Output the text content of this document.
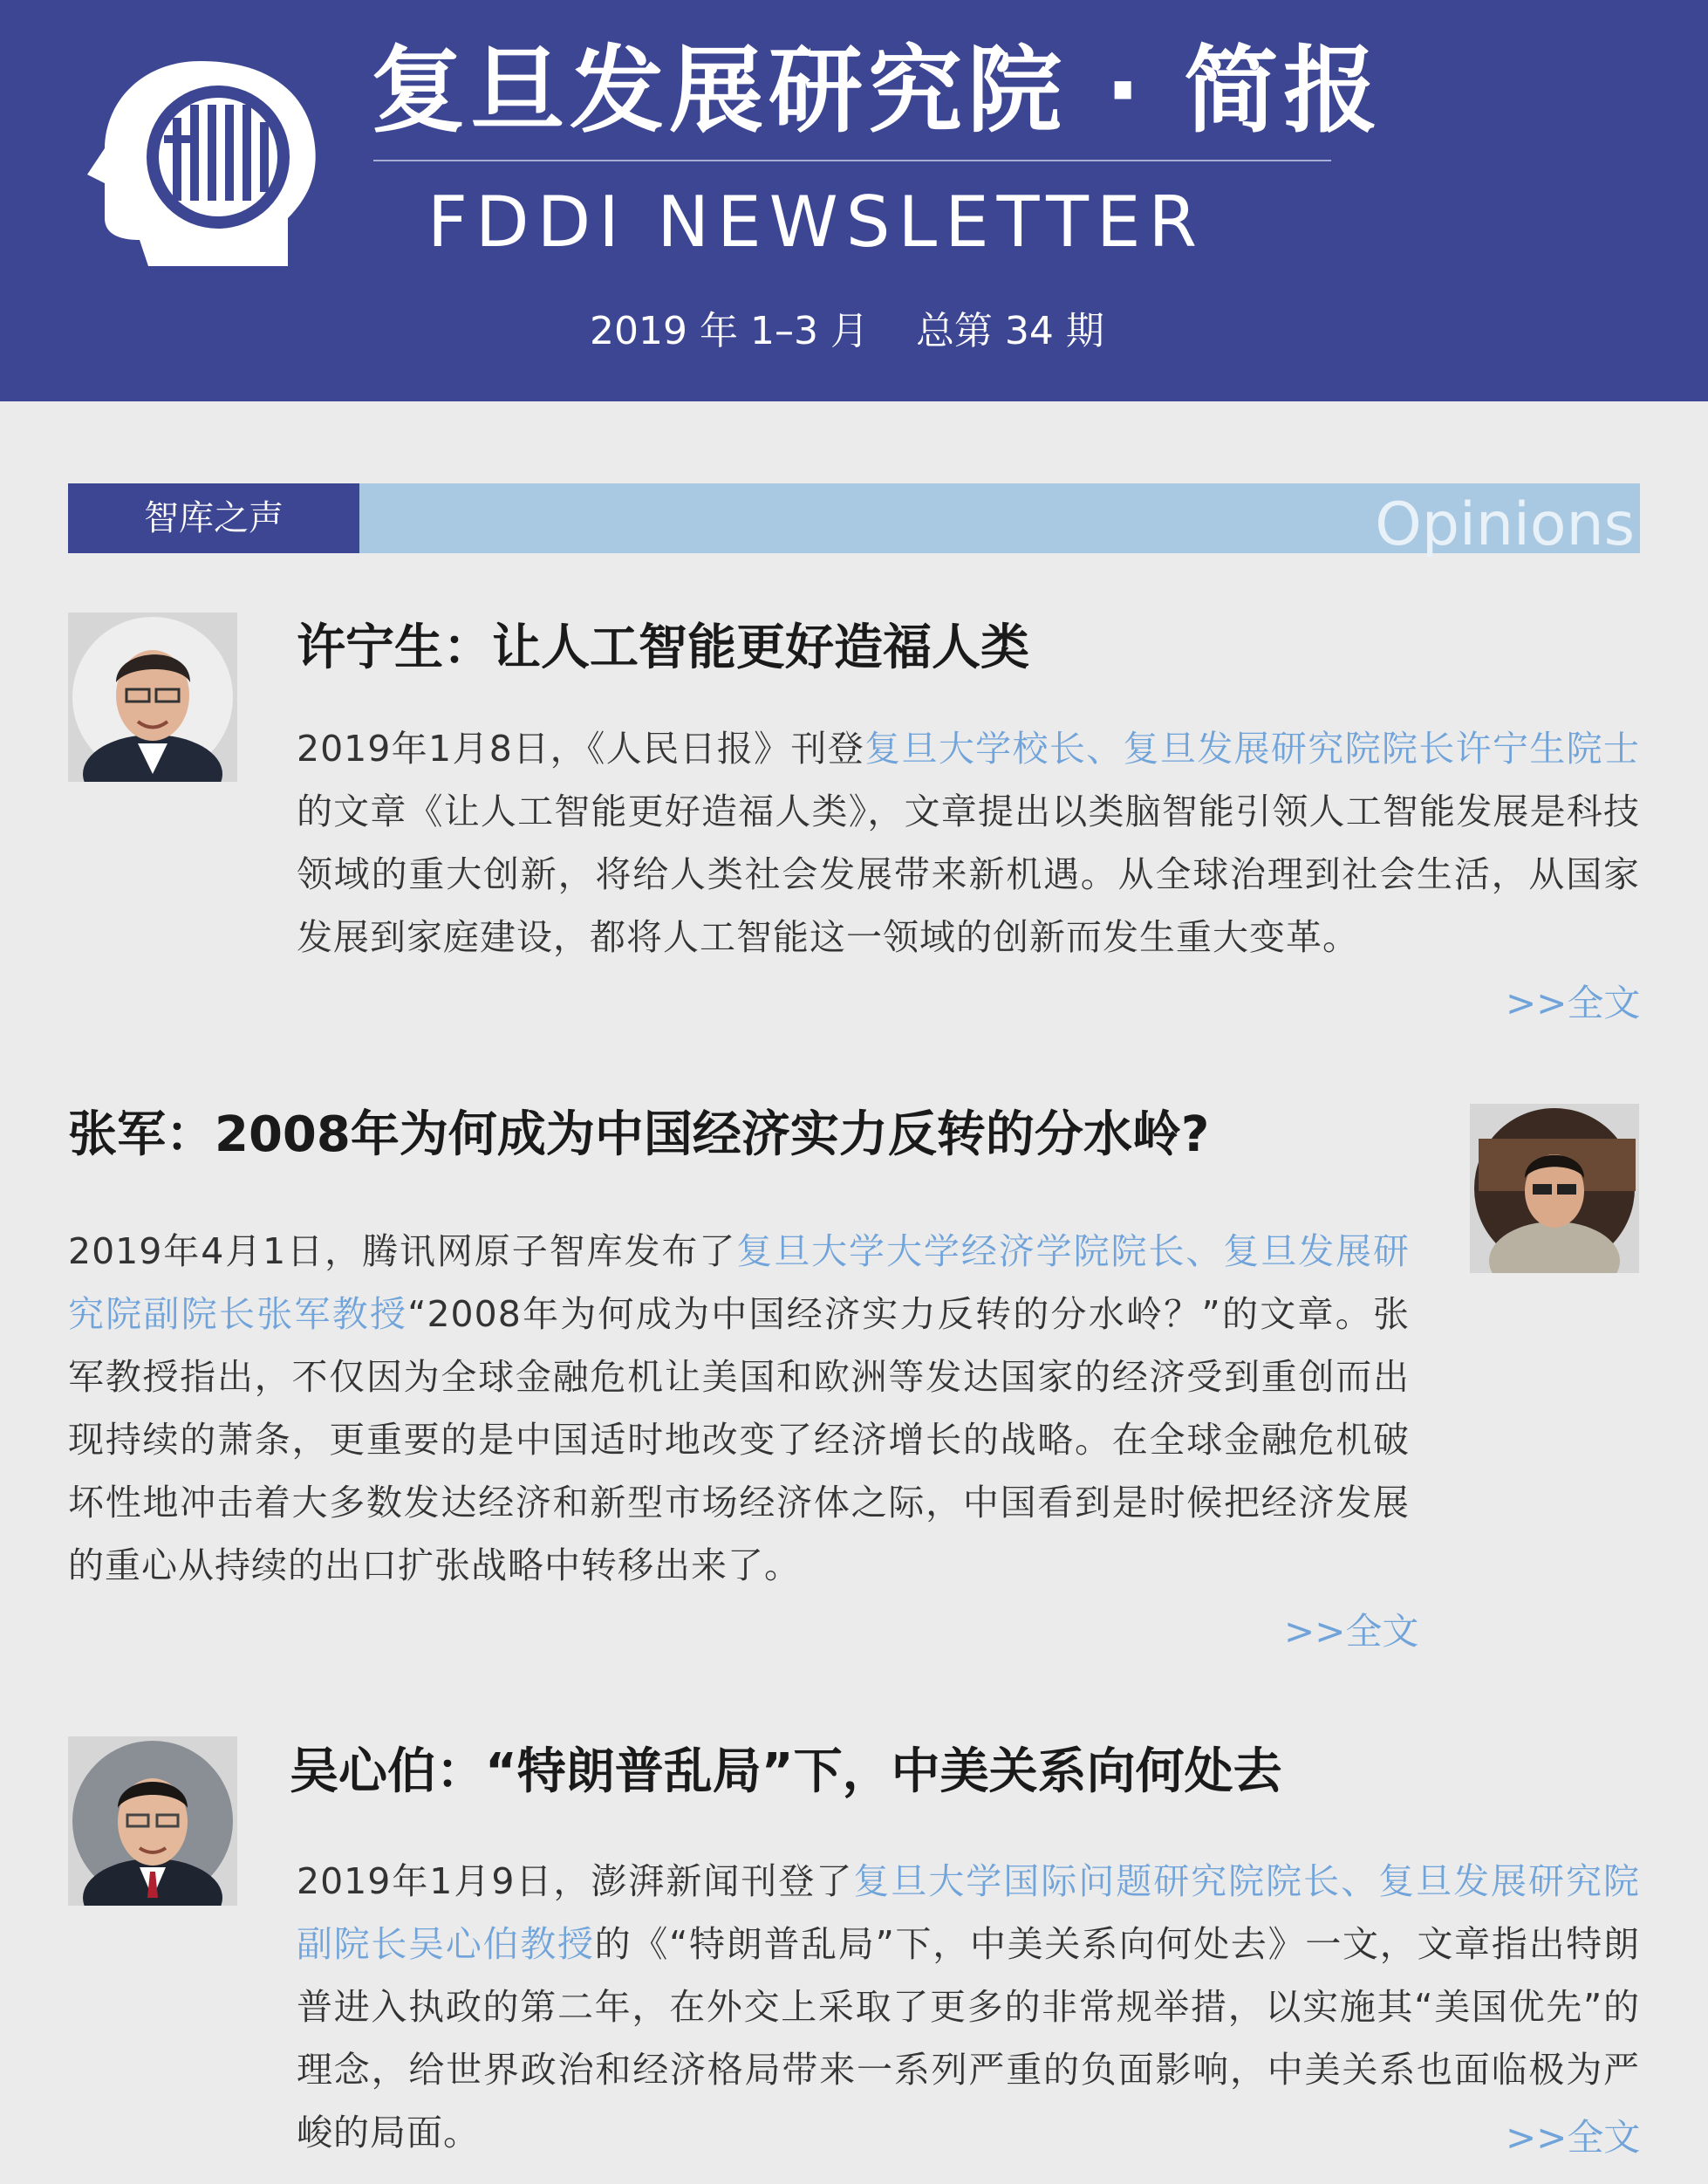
复旦发展研究院 · 简报
FDDI NEWSLETTER
2019 年 1–3 月 总第 34 期
智库之声	Opinions
许宁生：让人工智能更好造福人类
2019年1月8日，《人民日报》刊登复旦大学校长、复旦发展研究院院长许宁生院士的文章《让人工智能更好造福人类》，文章提出以类脑智能引领人工智能发展是科技领域的重大创新，将给人类社会发展带来新机遇。从全球治理到社会生活，从国家发展到家庭建设，都将人工智能这一领域的创新而发生重大变革。
>>全文
张军：2008年为何成为中国经济实力反转的分水岭?
2019年4月1日，腾讯网原子智库发布了复旦大学大学经济学院院长、复旦发展研究院副院长张军教授“2008年为何成为中国经济实力反转的分水岭？”的文章。张军教授指出，不仅因为全球金融危机让美国和欧洲等发达国家的经济受到重创而出现持续的萧条，更重要的是中国适时地改变了经济增长的战略。在全球金融危机破坏性地冲击着大多数发达经济和新型市场经济体之际，中国看到是时候把经济发展的重心从持续的出口扩张战略中转移出来了。
>>全文
吴心伯：“特朗普乱局”下，中美关系向何处去
2019年1月9日，澎湃新闻刊登了复旦大学国际问题研究院院长、复旦发展研究院副院长吴心伯教授的《“特朗普乱局”下，中美关系向何处去》一文，文章指出特朗普进入执政的第二年，在外交上采取了更多的非常规举措，以实施其“美国优先”的理念，给世界政治和经济格局带来一系列严重的负面影响，中美关系也面临极为严峻的局面。	>>全文
